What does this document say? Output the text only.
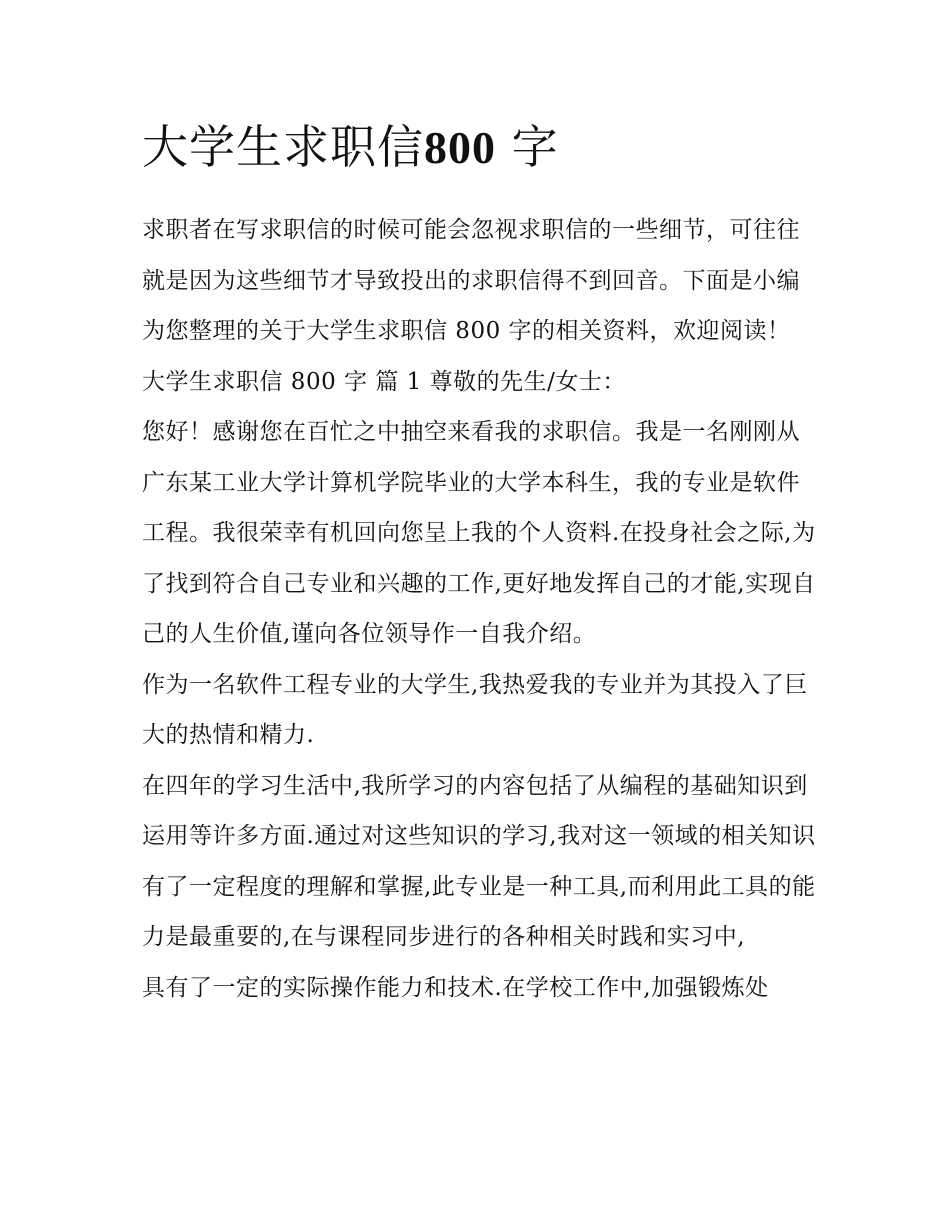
大学生求职信800 字

求职者在写求职信的时候可能会忽视求职信的一些细节，可往往就是因为这些细节才导致投出的求职信得不到回音。下面是小编为您整理的关于大学生求职信 800 字的相关资料，欢迎阅读！

大学生求职信 800 字 篇 1 尊敬的先生/女士：

您好！感谢您在百忙之中抽空来看我的求职信。我是一名刚刚从广东某工业大学计算机学院毕业的大学本科生，我的专业是软件工程。我很荣幸有机回向您呈上我的个人资料.在投身社会之际,为了找到符合自己专业和兴趣的工作,更好地发挥自己的才能,实现自己的人生价值,谨向各位领导作一自我介绍。

作为一名软件工程专业的大学生,我热爱我的专业并为其投入了巨大的热情和精力.

在四年的学习生活中,我所学习的内容包括了从编程的基础知识到运用等许多方面.通过对这些知识的学习,我对这一领域的相关知识有了一定程度的理解和掌握,此专业是一种工具,而利用此工具的能力是最重要的,在与课程同步进行的各种相关时践和实习中,

具有了一定的实际操作能力和技术.在学校工作中,加强锻炼处
